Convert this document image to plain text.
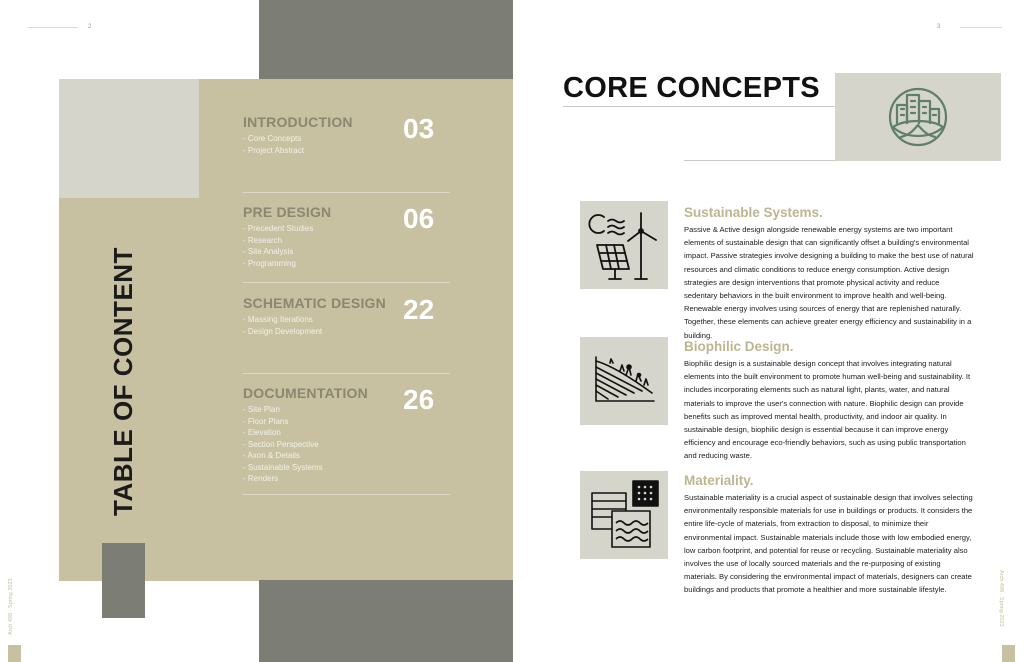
2
TABLE OF CONTENT
INTRODUCTION	03
- Core Concepts
- Project Abstract
PRE DESIGN	06
- Precedent Studies
- Research
- Site Analysis
- Programming
SCHEMATIC DESIGN 22
- Massing Iterations
- Design Development
DOCUMENTATION	26
- Site Plan
- Floor Plans
- Elevation
- Section Perspective
- Axon & Details
- Sustainable Systems
- Renders
Arch 498 · Spring 2023
3
CORE CONCEPTS
Sustainable Systems.

Passive & Active design alongside renewable energy systems are two important elements of sustainable design that can significantly offset a building's environmental impact. Passive strategies involve designing a building to make the best use of natural resources and climatic conditions to reduce energy consumption. Active design strategies are design interventions that promote physical activity and reduce sedentary behaviors in the built environment to improve health and well-being. Renewable energy involves using sources of energy that are replenished naturally. Together, these elements can achieve greater energy efficiency and sustainability in a building.

Biophilic Design.

Biophilic design is a sustainable design concept that involves integrating natural elements into the built environment to promote human well-being and sustainability. It includes incorporating elements such as natural light, plants, water, and natural materials to improve the user's connection with nature. Biophilic design can provide benefits such as improved mental health, productivity, and indoor air quality. In sustainable design, biophilic design is essential because it can improve energy efficiency and encourage eco-friendly behaviors, such as using public transportation and reducing waste.

Materiality.

Sustainable materiality is a crucial aspect of sustainable design that involves selecting environmentally responsible materials for use in buildings or products. It considers the entire life-cycle of materials, from extraction to disposal, to minimize their environmental impact. Sustainable materials include those with low embodied energy, low carbon footprint, and potential for reuse or recycling. Sustainable materiality also involves the use of locally sourced materials and the re-purposing of existing materials. By considering the environmental impact of materials, designers can create buildings and products that promote a healthier and more sustainable lifestyle.	Arch 498 · Spring 2023
